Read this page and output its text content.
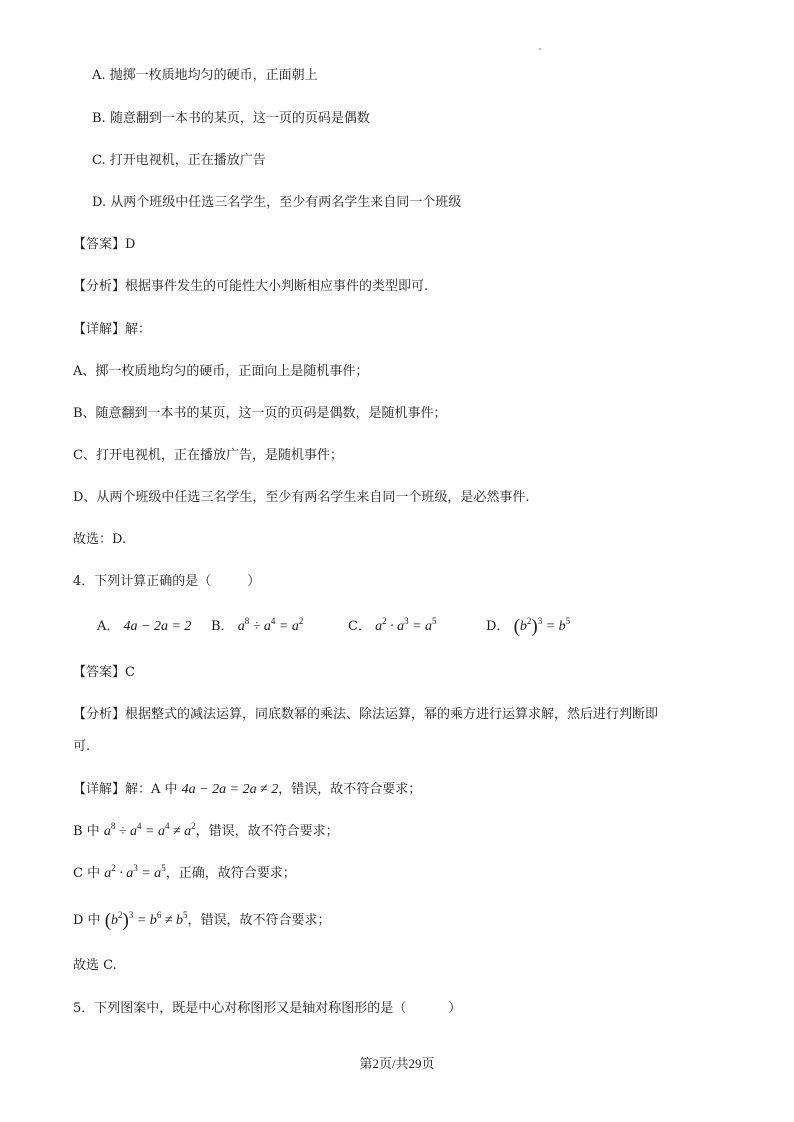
A. 抛掷一枚质地均匀的硬币，正面朝上
B. 随意翻到一本书的某页，这一页的页码是偶数
C. 打开电视机，正在播放广告
D. 从两个班级中任选三名学生，至少有两名学生来自同一个班级
【答案】D
【分析】根据事件发生的可能性大小判断相应事件的类型即可.
【详解】解：
A、掷一枚质地均匀的硬币，正面向上是随机事件；
B、随意翻到一本书的某页，这一页的页码是偶数，是随机事件；
C、打开电视机，正在播放广告，是随机事件；
D、从两个班级中任选三名学生，至少有两名学生来自同一个班级，是必然事件.
故选：D.
4．下列计算正确的是（	）
A． 4a − 2a = 2 B． $a^8 \div a^4 = a^2$	C． $a^2 \cdot a^3 = a^5$	D． $(b^2)^3 = b^5$
【答案】C
【分析】根据整式的减法运算，同底数幂的乘法、除法运算，幂的乘方进行运算求解，然后进行判断即
可.
【详解】解：A 中 4a − 2a = 2a ≠ 2，错误，故不符合要求；
B 中 $a^8 \div a^4 = a^4 \ne a^2$，错误，故不符合要求；
C 中 $a^2 \cdot a^3 = a^5$，正确，故符合要求；
D 中 $(b^2)^3 = b^6 \ne b^5$，错误，故不符合要求；
故选 C.
5．下列图案中，既是中心对称图形又是轴对称图形的是（	）
第2页/共29页
